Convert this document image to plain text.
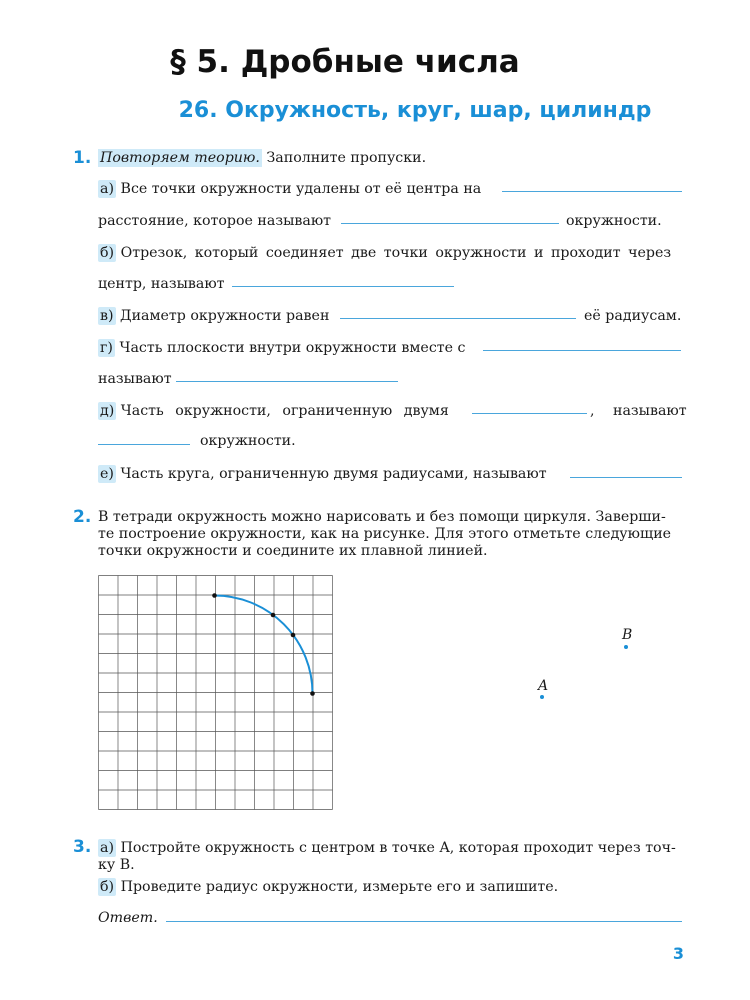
§ 5. Дробные числа
26. Окружность, круг, шар, цилиндр
1. Повторяем теорию. Заполните пропуски.
а) Все точки окружности удалены от её центра на
расстояние, которое называют	окружности.
б) Отрезок, который соединяет две точки окружности и проходит через
центр, называют
в) Диаметр окружности равен	её радиусам.
г) Часть плоскости внутри окружности вместе с
называют
д) Часть окружности, ограниченную двумя	, называют
окружности.
е) Часть круга, ограниченную двумя радиусами, называют
2. В тетради окружность можно нарисовать и без помощи циркуля. Заверши-
те построение окружности, как на рисунке. Для этого отметьте следующие
точки окружности и соедините их плавной линией.
B
A
3. а) Постройте окружность с центром в точке A, которая проходит через точ-
ку B.
б) Проведите радиус окружности, измерьте его и запишите.
Ответ.
3
